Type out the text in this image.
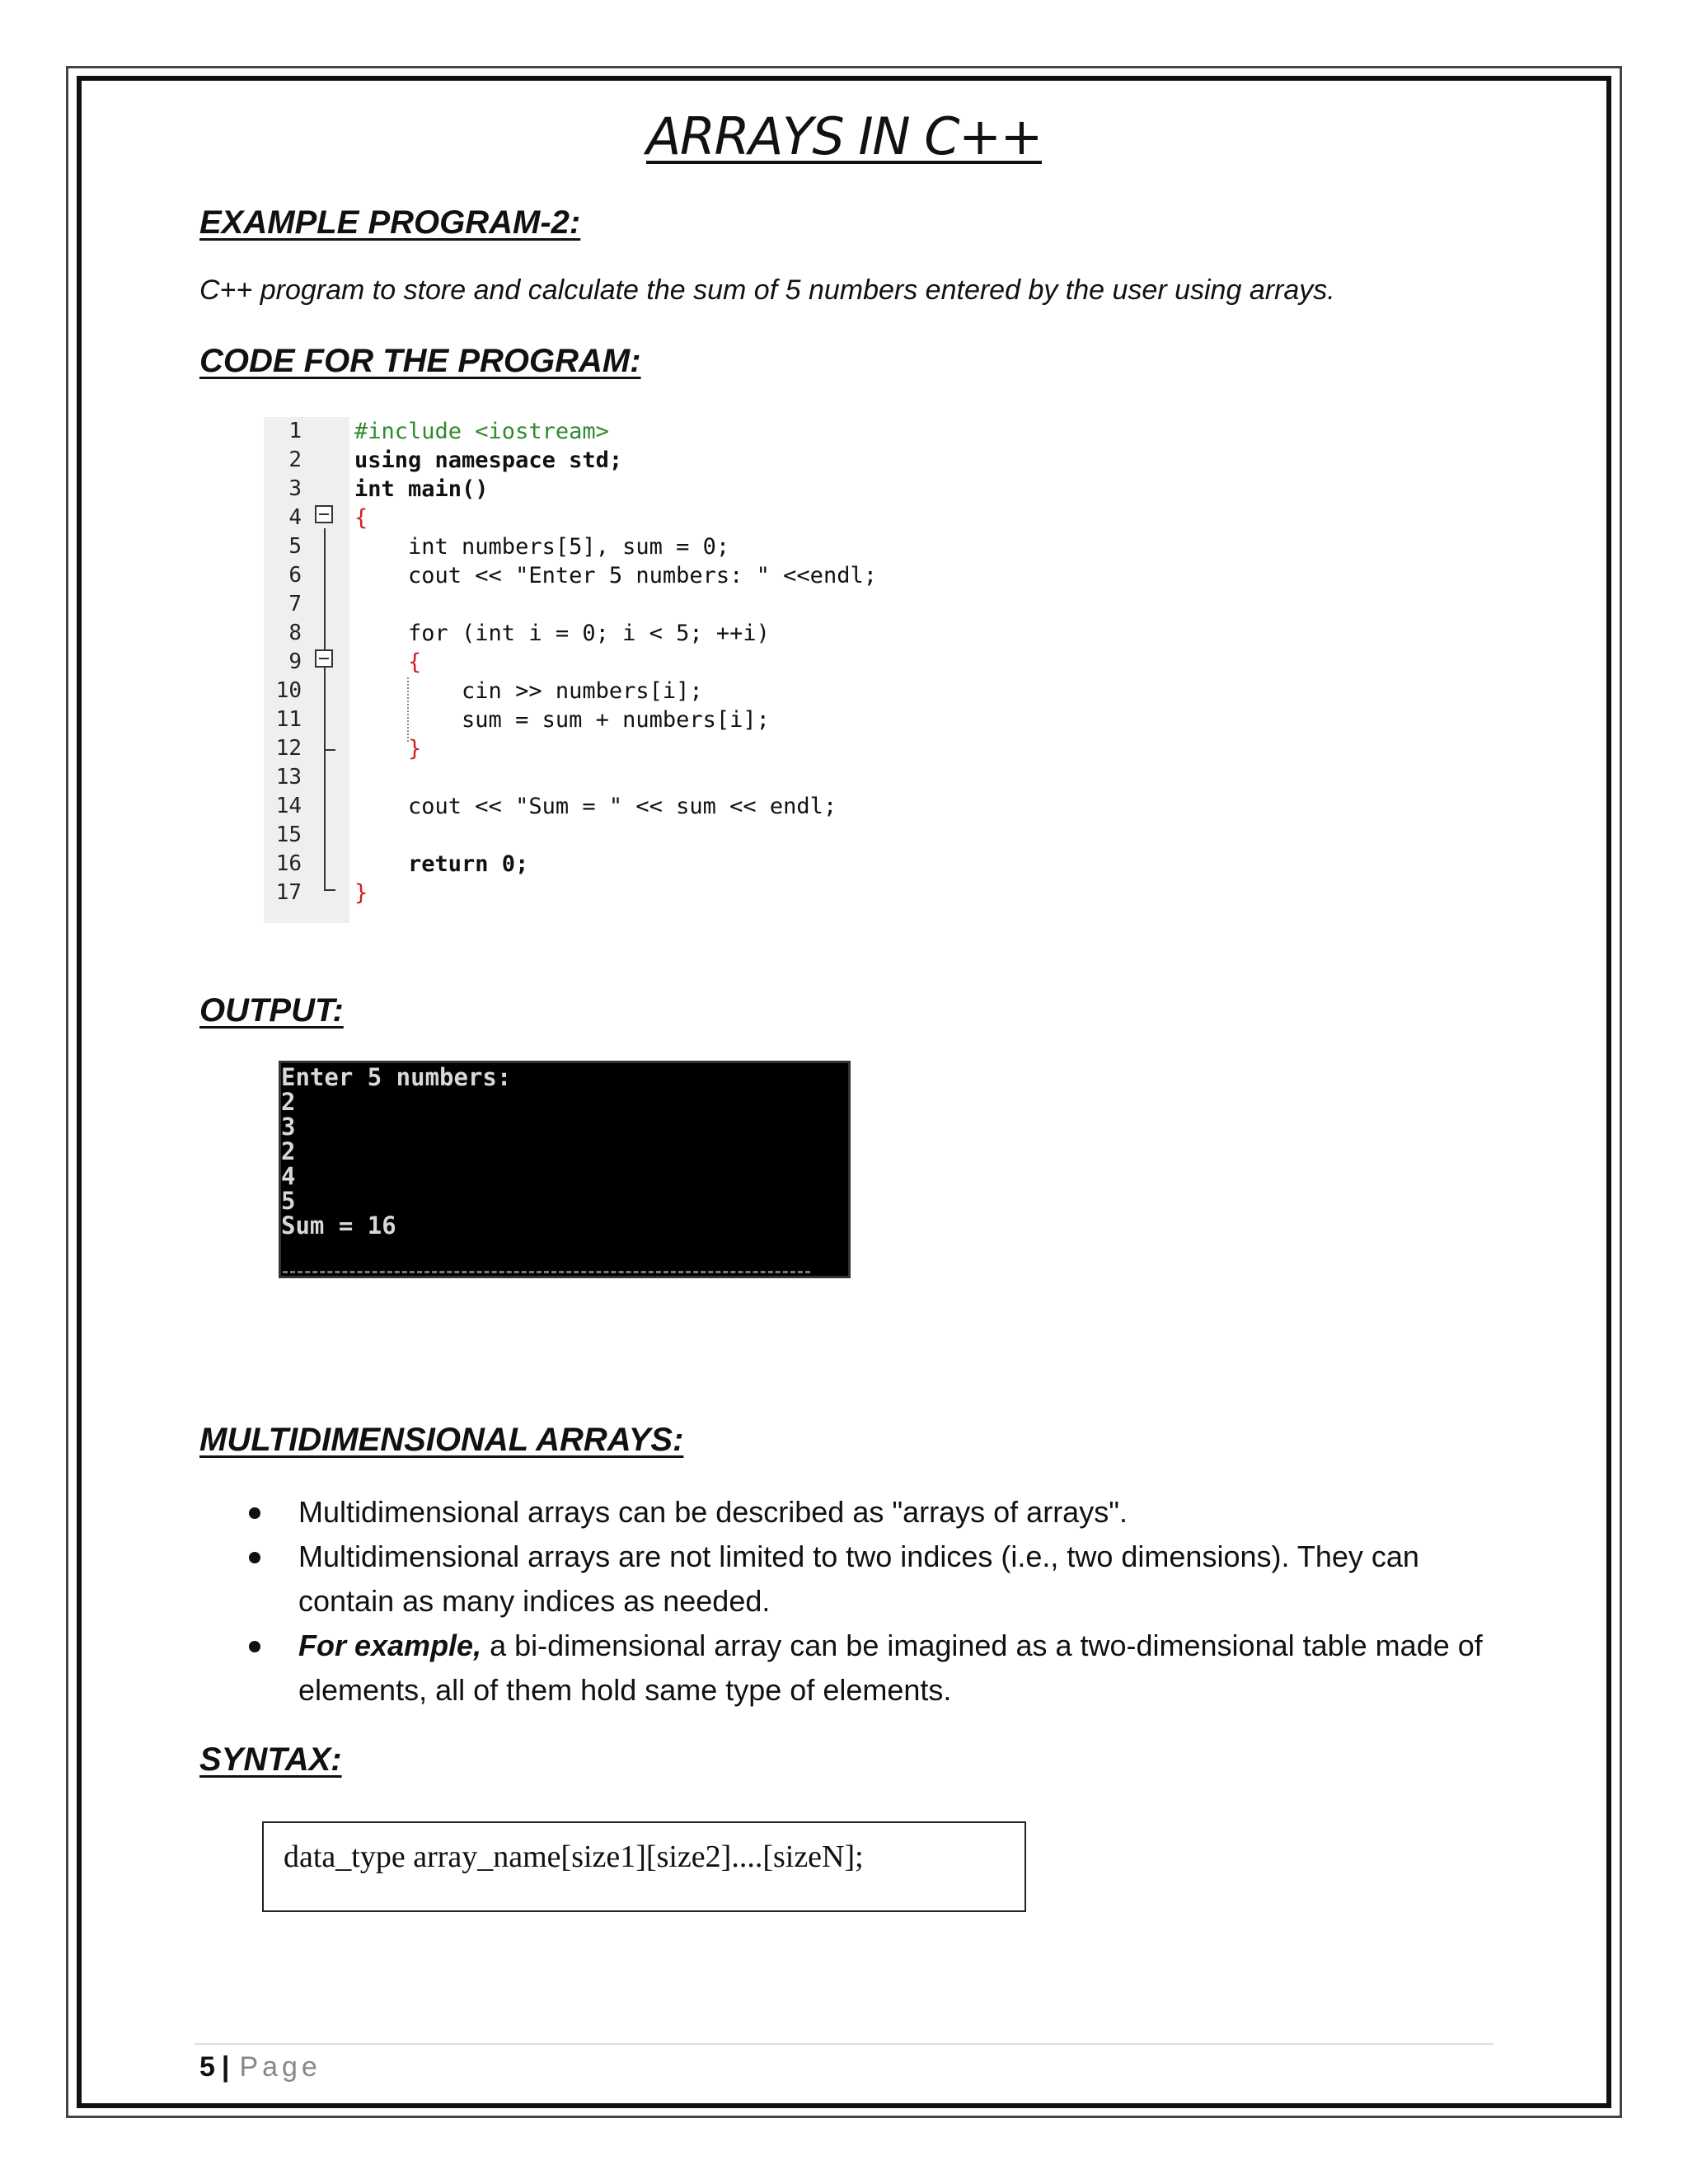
ARRAYS IN C++
EXAMPLE PROGRAM-2:
C++ program to store and calculate the sum of 5 numbers entered by the user using arrays.
CODE FOR THE PROGRAM:
1
2
3
4
5
6
7
8
9
10
11
12
13
14
15
16
17
#include <iostream>
using namespace std;
int main()
{
int numbers[5], sum = 0;
cout << "Enter 5 numbers: " <<endl;
for (int i = 0; i < 5; ++i)
{
cin >> numbers[i];
sum = sum + numbers[i];
}
cout << "Sum = " << sum << endl;
return 0;
}
OUTPUT:
Enter 5 numbers:
2
3
2
4
5
Sum = 16
MULTIDIMENSIONAL ARRAYS:
Multidimensional arrays can be described as "arrays of arrays".
Multidimensional arrays are not limited to two indices (i.e., two dimensions). They can contain as many indices as needed.
For example, a bi-dimensional array can be imagined as a two-dimensional table made of elements, all of them hold same type of elements.
SYNTAX:
data_type array_name[size1][size2]....[sizeN];
5 | Page
